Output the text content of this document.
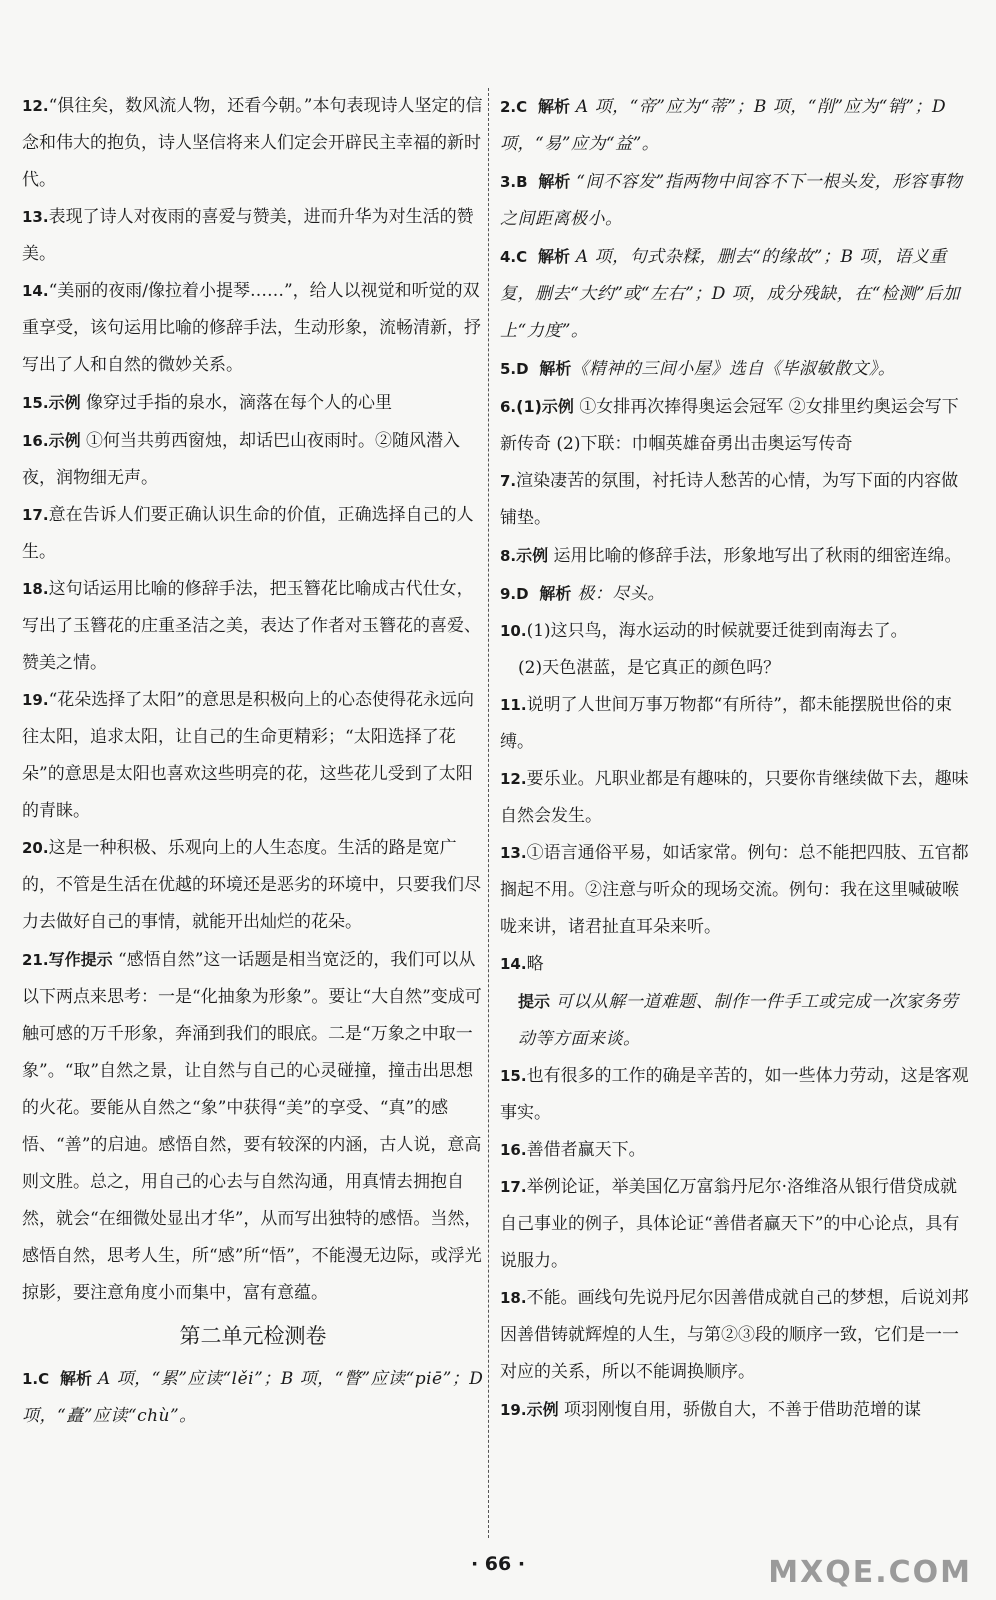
12.“俱往矣，数风流人物，还看今朝。”本句表现诗人坚定的信念和伟大的抱负，诗人坚信将来人们定会开辟民主幸福的新时代。

13.表现了诗人对夜雨的喜爱与赞美，进而升华为对生活的赞美。

14.“美丽的夜雨/像拉着小提琴……”，给人以视觉和听觉的双重享受，该句运用比喻的修辞手法，生动形象，流畅清新，抒写出了人和自然的微妙关系。

15.示例 像穿过手指的泉水，滴落在每个人的心里

16.示例 ①何当共剪西窗烛，却话巴山夜雨时。②随风潜入夜，润物细无声。

17.意在告诉人们要正确认识生命的价值，正确选择自己的人生。

18.这句话运用比喻的修辞手法，把玉簪花比喻成古代仕女，写出了玉簪花的庄重圣洁之美，表达了作者对玉簪花的喜爱、赞美之情。

19.“花朵选择了太阳”的意思是积极向上的心态使得花永远向往太阳，追求太阳，让自己的生命更精彩；“太阳选择了花朵”的意思是太阳也喜欢这些明亮的花，这些花儿受到了太阳的青睐。

20.这是一种积极、乐观向上的人生态度。生活的路是宽广的，不管是生活在优越的环境还是恶劣的环境中，只要我们尽力去做好自己的事情，就能开出灿烂的花朵。

21.写作提示 “感悟自然”这一话题是相当宽泛的，我们可以从以下两点来思考：一是“化抽象为形象”。要让“大自然”变成可触可感的万千形象，奔涌到我们的眼底。二是“万象之中取一象”。“取”自然之景，让自然与自己的心灵碰撞，撞击出思想的火花。要能从自然之“象”中获得“美”的享受、“真”的感悟、“善”的启迪。感悟自然，要有较深的内涵，古人说，意高则文胜。总之，用自己的心去与自然沟通，用真情去拥抱自然，就会“在细微处显出才华”，从而写出独特的感悟。当然，感悟自然，思考人生，所“感”所“悟”，不能漫无边际，或浮光掠影，要注意角度小而集中，富有意蕴。

第二单元检测卷

1.C 解析 A 项，“累”应读“lěi”；B 项，“瞥”应读“piē”；D 项，“矗”应读“chù”。

2.C 解析 A 项，“帝”应为“蒂”；B 项，“削”应为“销”；D 项，“易”应为“益”。

3.B 解析 “间不容发”指两物中间容不下一根头发，形容事物之间距离极小。

4.C 解析 A 项，句式杂糅，删去“的缘故”；B 项，语义重复，删去“大约”或“左右”；D 项，成分残缺，在“检测”后加上“力度”。

5.D 解析《精神的三间小屋》选自《毕淑敏散文》。

6.(1)示例 ①女排再次捧得奥运会冠军 ②女排里约奥运会写下新传奇 (2)下联：巾帼英雄奋勇出击奥运写传奇

7.渲染凄苦的氛围，衬托诗人愁苦的心情，为写下面的内容做铺垫。

8.示例 运用比喻的修辞手法，形象地写出了秋雨的细密连绵。

9.D 解析 极：尽头。

10.(1)这只鸟，海水运动的时候就要迁徙到南海去了。

(2)天色湛蓝，是它真正的颜色吗？

11.说明了人世间万事万物都“有所待”，都未能摆脱世俗的束缚。

12.要乐业。凡职业都是有趣味的，只要你肯继续做下去，趣味自然会发生。

13.①语言通俗平易，如话家常。例句：总不能把四肢、五官都搁起不用。②注意与听众的现场交流。例句：我在这里喊破喉咙来讲，诸君扯直耳朵来听。

14.略

提示 可以从解一道难题、制作一件手工或完成一次家务劳动等方面来谈。

15.也有很多的工作的确是辛苦的，如一些体力劳动，这是客观事实。

16.善借者赢天下。

17.举例论证，举美国亿万富翁丹尼尔·洛维洛从银行借贷成就自己事业的例子，具体论证“善借者赢天下”的中心论点，具有说服力。

18.不能。画线句先说丹尼尔因善借成就自己的梦想，后说刘邦因善借铸就辉煌的人生，与第②③段的顺序一致，它们是一一对应的关系，所以不能调换顺序。

19.示例 项羽刚愎自用，骄傲自大，不善于借助范增的谋

· 66 ·	MXQE.COM
